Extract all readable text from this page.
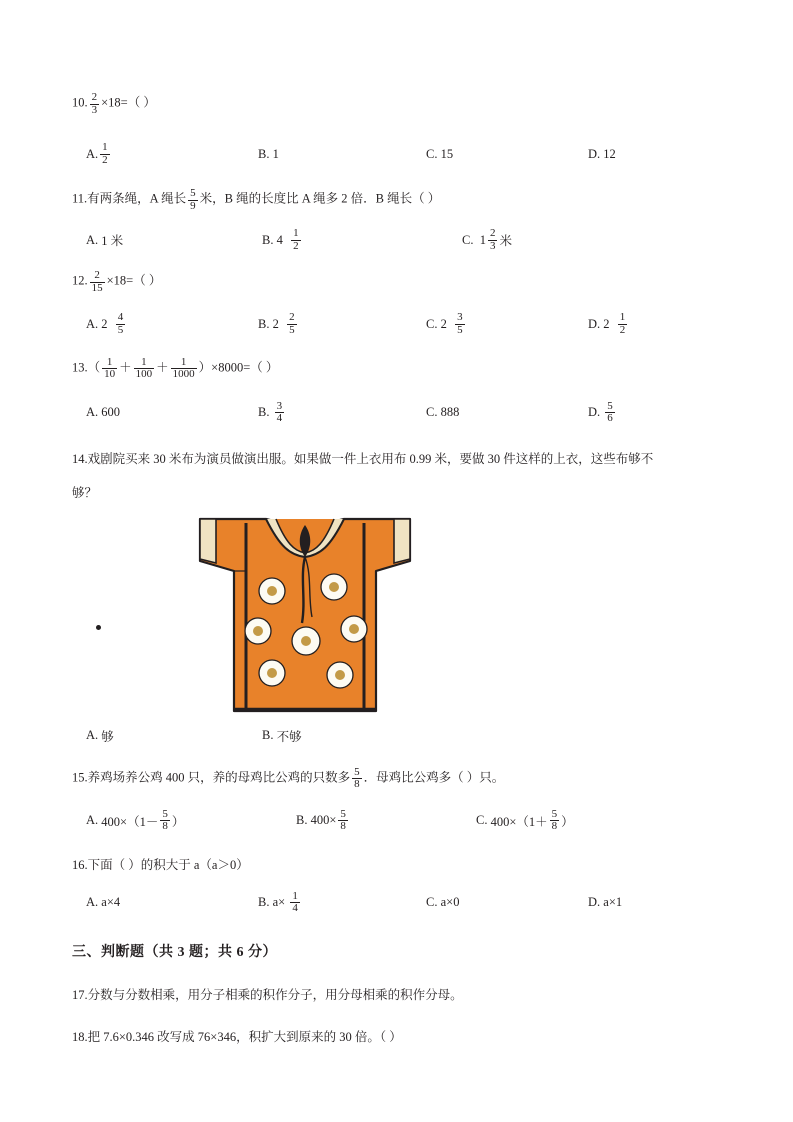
10. $\frac{2}{3} \times 18=$（ ）
A. $\frac{1}{2}$	B.
1	C.
15	D.
12
11.有两条绳，A 绳长 $\frac{5}{9}$ 米，B 绳的长度比 A 绳多 2 倍．B 绳长（ ）
A.
1 米	B.
4
$\frac{1}{2}$	C.
$1 \frac{2}{3}$ 米
12. $\frac{2}{15} \times 18=$（ ）
A.
2
$\frac{4}{5}$	B.
2
$\frac{2}{5}$	C.
2
$\frac{3}{5}$	D.
2
$\frac{1}{2}$
$13.( \frac{1}{10} + \frac{1}{100} + \frac{1}{1000} )\times 8000=$（ ）
A.
600	B.
$\frac{3}{4}$	C.
888	D.
$\frac{5}{6}$
14.戏剧院买来 30 米布为演员做演出服。如果做一件上衣用布 0.99 米，要做 30 件这样的上衣，这些布够不
够？
A.
够	B.
不够
15.养鸡场养公鸡 400 只，养的母鸡比公鸡的只数多 $\frac{5}{8}$ ．母鸡比公鸡多（ ）只。
A.
$400\times(1- \frac{5}{8}$ ）	B.
$400\times \frac{5}{8}$	C.
$400\times(1+ \frac{5}{8}$ ）
16.下面（ ）的积大于 a（a＞0）
A.
a×4	B.
a×
$\frac{1}{4}$	C.
a×0	D.
a×1
三、判断题（共 3 题；共 6 分）
17.分数与分数相乘，用分子相乘的积作分子，用分母相乘的积作分母。
18.把 7.6×0.346 改写成 76×346，积扩大到原来的 30 倍。（ ）
